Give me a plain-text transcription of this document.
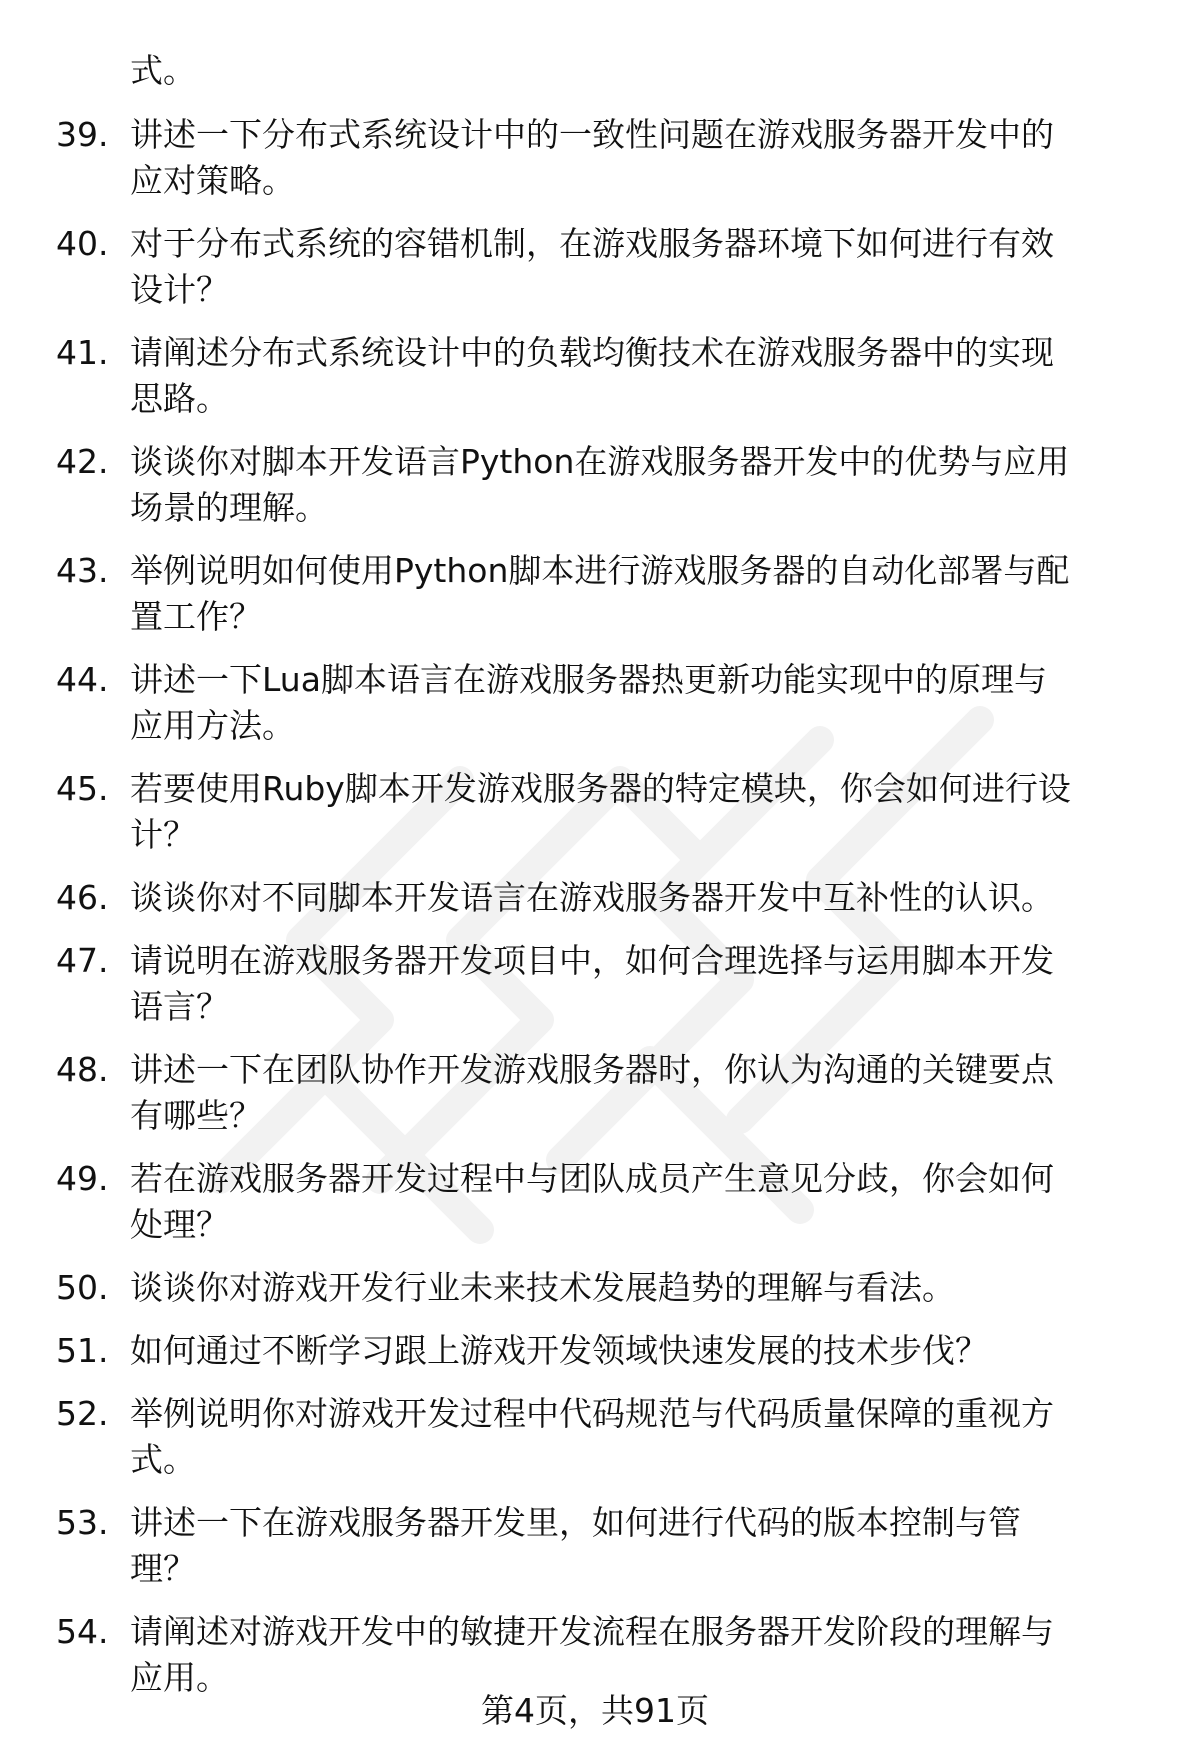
式。

39. 讲述一下分布式系统设计中的一致性问题在游戏服务器开发中的
应对策略。
40. 对于分布式系统的容错机制，在游戏服务器环境下如何进行有效
设计？
41. 请阐述分布式系统设计中的负载均衡技术在游戏服务器中的实现
思路。
42. 谈谈你对脚本开发语言Python在游戏服务器开发中的优势与应用
场景的理解。
43. 举例说明如何使用Python脚本进行游戏服务器的自动化部署与配
置工作？
44. 讲述一下Lua脚本语言在游戏服务器热更新功能实现中的原理与
应用方法。
45. 若要使用Ruby脚本开发游戏服务器的特定模块，你会如何进行设
计？
46. 谈谈你对不同脚本开发语言在游戏服务器开发中互补性的认识。
47. 请说明在游戏服务器开发项目中，如何合理选择与运用脚本开发
语言？
48. 讲述一下在团队协作开发游戏服务器时，你认为沟通的关键要点
有哪些？
49. 若在游戏服务器开发过程中与团队成员产生意见分歧，你会如何
处理？
50. 谈谈你对游戏开发行业未来技术发展趋势的理解与看法。
51. 如何通过不断学习跟上游戏开发领域快速发展的技术步伐？
52. 举例说明你对游戏开发过程中代码规范与代码质量保障的重视方
式。
53. 讲述一下在游戏服务器开发里，如何进行代码的版本控制与管
理？
54. 请阐述对游戏开发中的敏捷开发流程在服务器开发阶段的理解与
应用。
第4页，共91页
